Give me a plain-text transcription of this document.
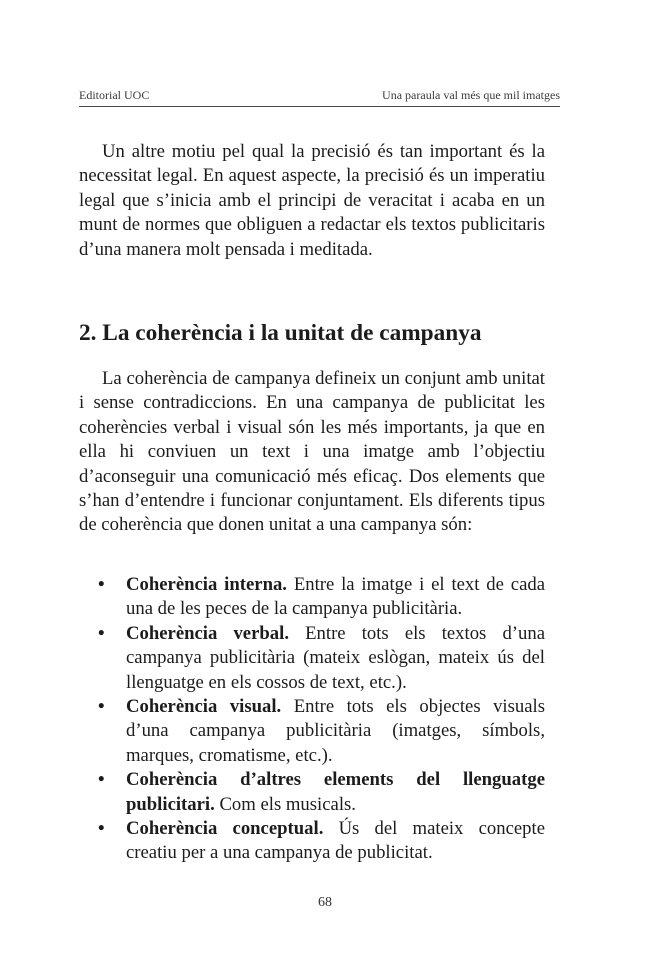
Editorial UOC	Una paraula val més que mil imatges

Un altre motiu pel qual la precisió és tan important és la necessitat legal. En aquest aspecte, la precisió és un imperatiu legal que s’inicia amb el principi de veracitat i acaba en un munt de normes que obliguen a redactar els textos publicitaris d’una manera molt pensada i meditada.

2. La coherència i la unitat de campanya

La coherència de campanya defineix un conjunt amb unitat i sense contradiccions. En una campanya de publicitat les coherències verbal i visual són les més importants, ja que en ella hi conviuen un text i una imatge amb l’objectiu d’aconseguir una comunicació més eficaç. Dos elements que s’han d’entendre i funcionar conjuntament. Els diferents tipus de coherència que donen unitat a una campanya són:

• Coherència interna. Entre la imatge i el text de cada una de les peces de la campanya publicitària.
• Coherència verbal. Entre tots els textos d’una campanya publicitària (mateix eslògan, mateix ús del llenguatge en els cossos de text, etc.).
• Coherència visual. Entre tots els objectes visuals d’una campanya publicitària (imatges, símbols, marques, cromatisme, etc.).
• Coherència d’altres elements del llenguatge publicitari. Com els musicals.
• Coherència conceptual. Ús del mateix concepte creatiu per a una campanya de publicitat.
68
